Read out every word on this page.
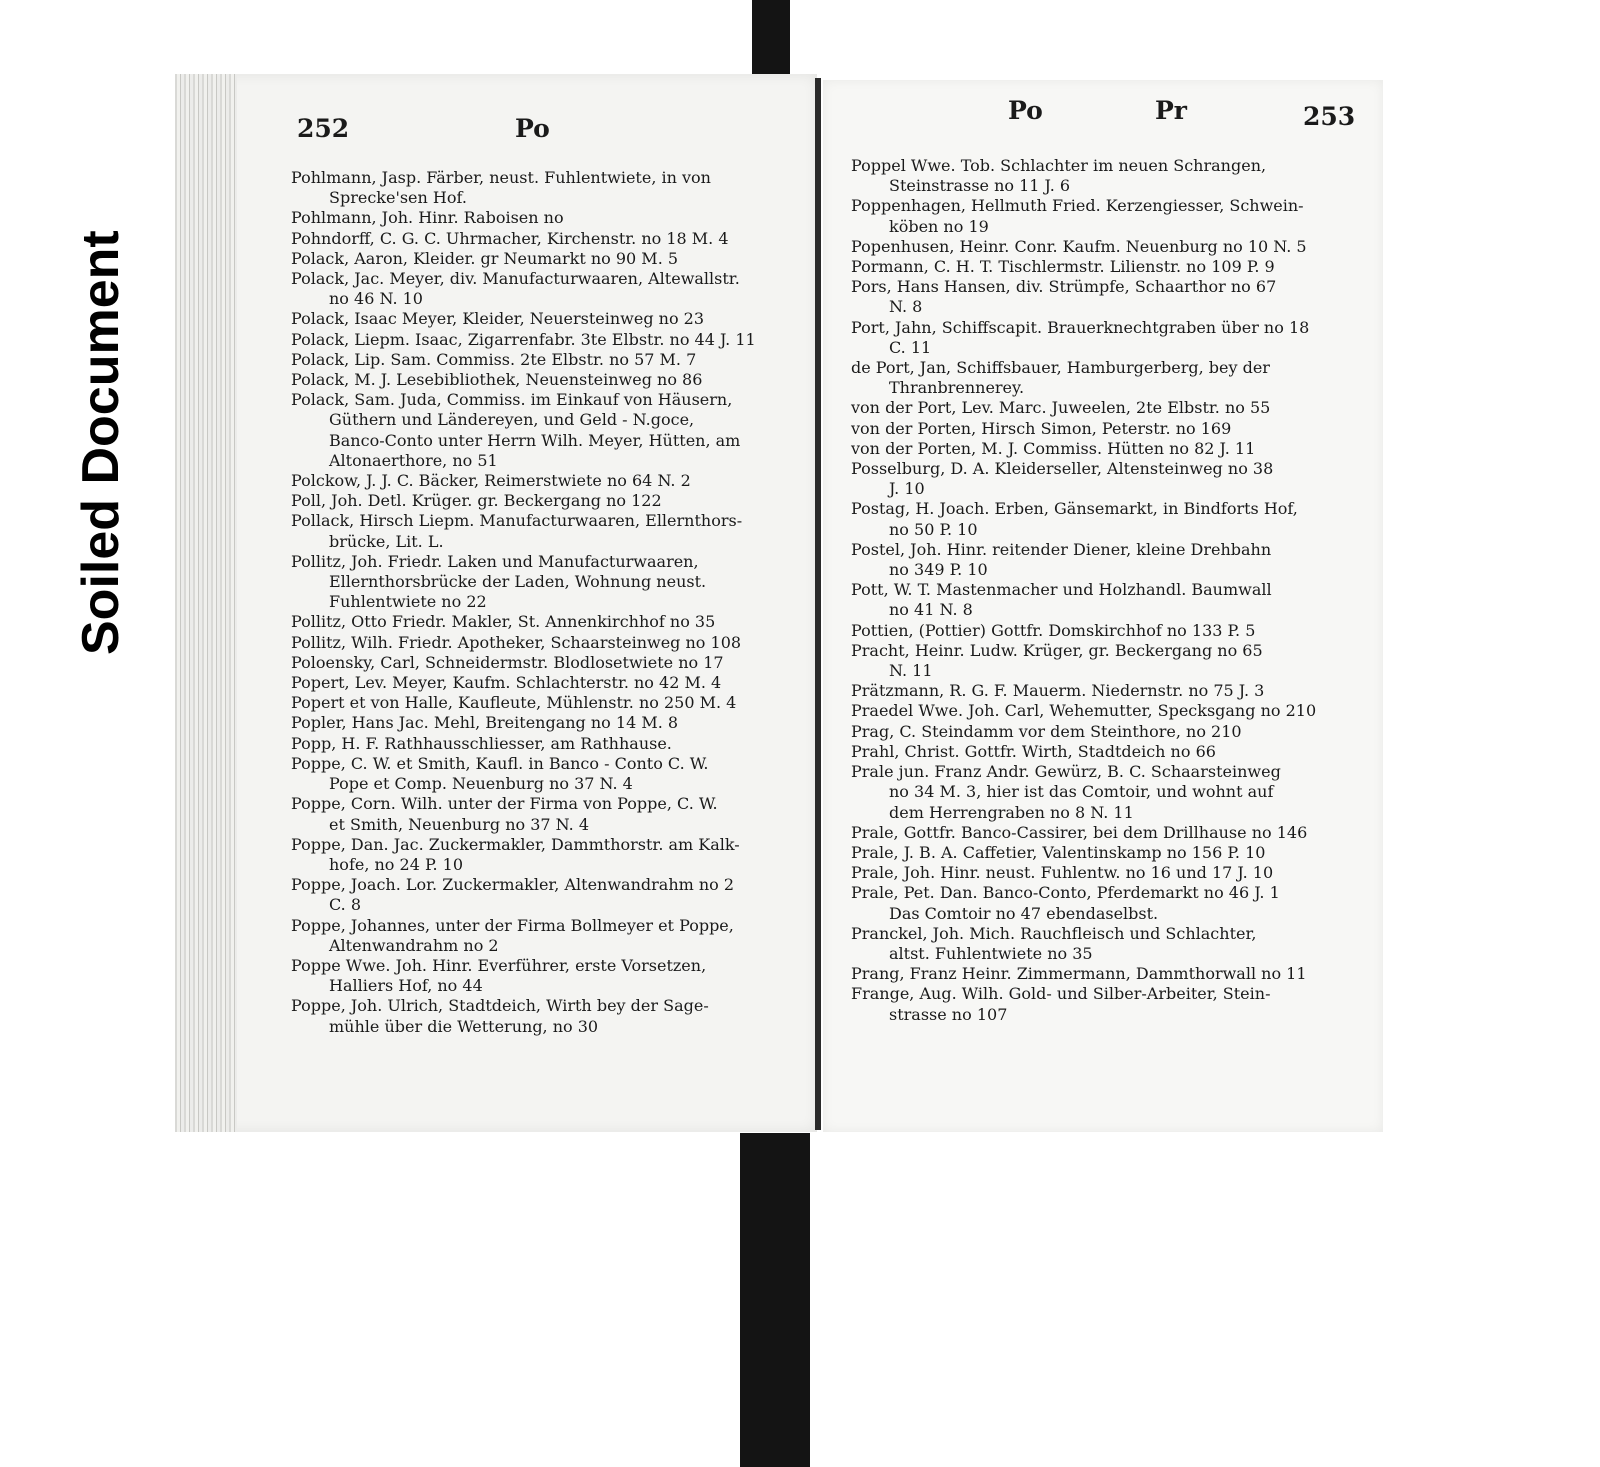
Soiled Document
252	Po

Pohlmann, Jasp. Färber, neust. Fuhlentwiete, in von
Sprecke'sen Hof.

Pohlmann, Joh. Hinr. Raboisen no

Pohndorff, C. G. C. Uhrmacher, Kirchenstr. no 18 M. 4

Polack, Aaron, Kleider. gr Neumarkt no 90 M. 5

Polack, Jac. Meyer, div. Manufacturwaaren, Altewallstr.
no 46 N. 10

Polack, Isaac Meyer, Kleider, Neuersteinweg no 23

Polack, Liepm. Isaac, Zigarrenfabr. 3te Elbstr. no 44 J. 11

Polack, Lip. Sam. Commiss. 2te Elbstr. no 57 M. 7

Polack, M. J. Lesebibliothek, Neuensteinweg no 86

Polack, Sam. Juda, Commiss. im Einkauf von Häusern,
Güthern und Ländereyen, und Geld - N.goce,
Banco-Conto unter Herrn Wilh. Meyer, Hütten, am
Altonaerthore, no 51

Polckow, J. J. C. Bäcker, Reimerstwiete no 64 N. 2

Poll, Joh. Detl. Krüger. gr. Beckergang no 122

Pollack, Hirsch Liepm. Manufacturwaaren, Ellernthors-
brücke, Lit. L.

Pollitz, Joh. Friedr. Laken und Manufacturwaaren,
Ellernthorsbrücke der Laden, Wohnung neust.
Fuhlentwiete no 22

Pollitz, Otto Friedr. Makler, St. Annenkirchhof no 35

Pollitz, Wilh. Friedr. Apotheker, Schaarsteinweg no 108

Poloensky, Carl, Schneidermstr. Blodlosetwiete no 17

Popert, Lev. Meyer, Kaufm. Schlachterstr. no 42 M. 4

Popert et von Halle, Kaufleute, Mühlenstr. no 250 M. 4

Popler, Hans Jac. Mehl, Breitengang no 14 M. 8

Popp, H. F. Rathhausschliesser, am Rathhause.

Poppe, C. W. et Smith, Kaufl. in Banco - Conto C. W.
Pope et Comp. Neuenburg no 37 N. 4

Poppe, Corn. Wilh. unter der Firma von Poppe, C. W.
et Smith, Neuenburg no 37 N. 4

Poppe, Dan. Jac. Zuckermakler, Dammthorstr. am Kalk-
hofe, no 24 P. 10

Poppe, Joach. Lor. Zuckermakler, Altenwandrahm no 2
C. 8

Poppe, Johannes, unter der Firma Bollmeyer et Poppe,
Altenwandrahm no 2

Poppe Wwe. Joh. Hinr. Everführer, erste Vorsetzen,
Halliers Hof, no 44

Poppe, Joh. Ulrich, Stadtdeich, Wirth bey der Sage-
mühle über die Wetterung, no 30

Po	Pr	253

Poppel Wwe. Tob. Schlachter im neuen Schrangen,
Steinstrasse no 11 J. 6

Poppenhagen, Hellmuth Fried. Kerzengiesser, Schwein-
köben no 19

Popenhusen, Heinr. Conr. Kaufm. Neuenburg no 10 N. 5

Pormann, C. H. T. Tischlermstr. Lilienstr. no 109 P. 9

Pors, Hans Hansen, div. Strümpfe, Schaarthor no 67
N. 8

Port, Jahn, Schiffscapit. Brauerknechtgraben über no 18
C. 11

de Port, Jan, Schiffsbauer, Hamburgerberg, bey der
Thranbrennerey.

von der Port, Lev. Marc. Juweelen, 2te Elbstr. no 55

von der Porten, Hirsch Simon, Peterstr. no 169

von der Porten, M. J. Commiss. Hütten no 82 J. 11

Posselburg, D. A. Kleiderseller, Altensteinweg no 38
J. 10

Postag, H. Joach. Erben, Gänsemarkt, in Bindforts Hof,
no 50 P. 10

Postel, Joh. Hinr. reitender Diener, kleine Drehbahn
no 349 P. 10

Pott, W. T. Mastenmacher und Holzhandl. Baumwall
no 41 N. 8

Pottien, (Pottier) Gottfr. Domskirchhof no 133 P. 5

Pracht, Heinr. Ludw. Krüger, gr. Beckergang no 65
N. 11

Prätzmann, R. G. F. Mauerm. Niedernstr. no 75 J. 3

Praedel Wwe. Joh. Carl, Wehemutter, Specksgang no 210

Prag, C. Steindamm vor dem Steinthore, no 210

Prahl, Christ. Gottfr. Wirth, Stadtdeich no 66

Prale jun. Franz Andr. Gewürz, B. C. Schaarsteinweg
no 34 M. 3, hier ist das Comtoir, und wohnt auf
dem Herrengraben no 8 N. 11

Prale, Gottfr. Banco-Cassirer, bei dem Drillhause no 146

Prale, J. B. A. Caffetier, Valentinskamp no 156 P. 10

Prale, Joh. Hinr. neust. Fuhlentw. no 16 und 17 J. 10

Prale, Pet. Dan. Banco-Conto, Pferdemarkt no 46 J. 1
Das Comtoir no 47 ebendaselbst.

Pranckel, Joh. Mich. Rauchfleisch und Schlachter,
altst. Fuhlentwiete no 35

Prang, Franz Heinr. Zimmermann, Dammthorwall no 11

Frange, Aug. Wilh. Gold- und Silber-Arbeiter, Stein-
strasse no 107
